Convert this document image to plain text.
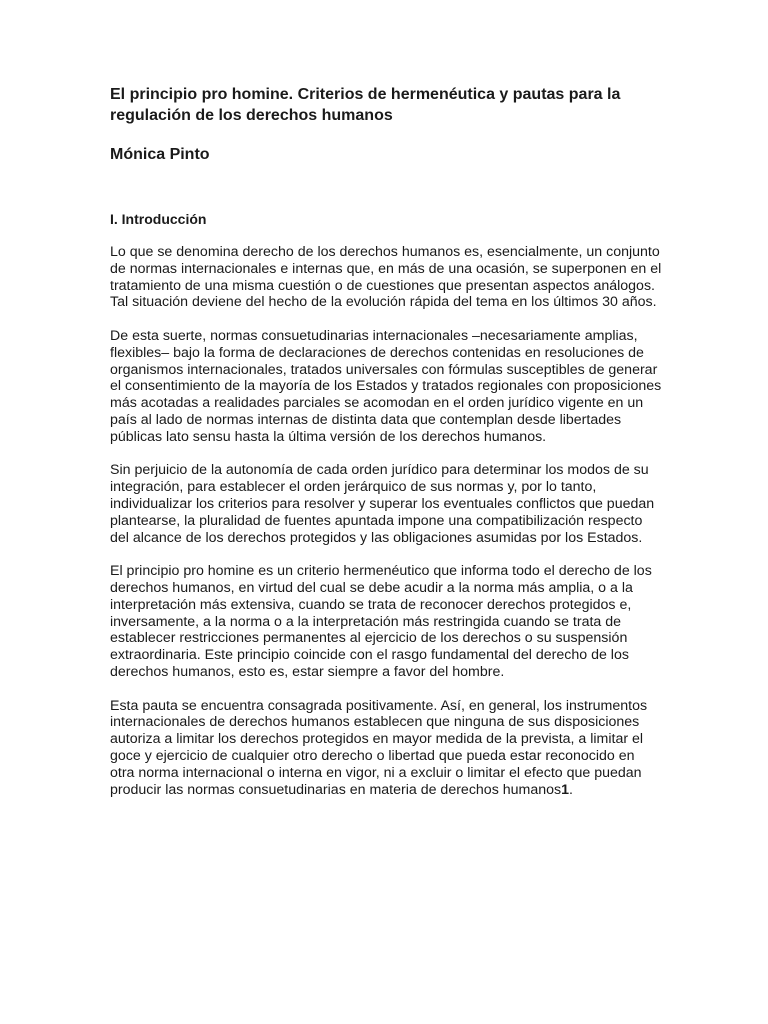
El principio pro homine. Criterios de hermenéutica y pautas para la regulación de los derechos humanos
Mónica Pinto
I. Introducción

Lo que se denomina derecho de los derechos humanos es, esencialmente, un conjunto de normas internacionales e internas que, en más de una ocasión, se superponen en el tratamiento de una misma cuestión o de cuestiones que presentan aspectos análogos. Tal situación deviene del hecho de la evolución rápida del tema en los últimos 30 años.

De esta suerte, normas consuetudinarias internacionales –necesariamente amplias, flexibles– bajo la forma de declaraciones de derechos contenidas en resoluciones de organismos internacionales, tratados universales con fórmulas susceptibles de generar el consentimiento de la mayoría de los Estados y tratados regionales con proposiciones más acotadas a realidades parciales se acomodan en el orden jurídico vigente en un país al lado de normas internas de distinta data que contemplan desde libertades públicas lato sensu hasta la última versión de los derechos humanos.

Sin perjuicio de la autonomía de cada orden jurídico para determinar los modos de su integración, para establecer el orden jerárquico de sus normas y, por lo tanto, individualizar los criterios para resolver y superar los eventuales conflictos que puedan plantearse, la pluralidad de fuentes apuntada impone una compatibilización respecto del alcance de los derechos protegidos y las obligaciones asumidas por los Estados.

El principio pro homine es un criterio hermenéutico que informa todo el derecho de los derechos humanos, en virtud del cual se debe acudir a la norma más amplia, o a la interpretación más extensiva, cuando se trata de reconocer derechos protegidos e, inversamente, a la norma o a la interpretación más restringida cuando se trata de establecer restricciones permanentes al ejercicio de los derechos o su suspensión extraordinaria. Este principio coincide con el rasgo fundamental del derecho de los derechos humanos, esto es, estar siempre a favor del hombre.

Esta pauta se encuentra consagrada positivamente. Así, en general, los instrumentos internacionales de derechos humanos establecen que ninguna de sus disposiciones autoriza a limitar los derechos protegidos en mayor medida de la prevista, a limitar el goce y ejercicio de cualquier otro derecho o libertad que pueda estar reconocido en otra norma internacional o interna en vigor, ni a excluir o limitar el efecto que puedan producir las normas consuetudinarias en materia de derechos humanos1.
